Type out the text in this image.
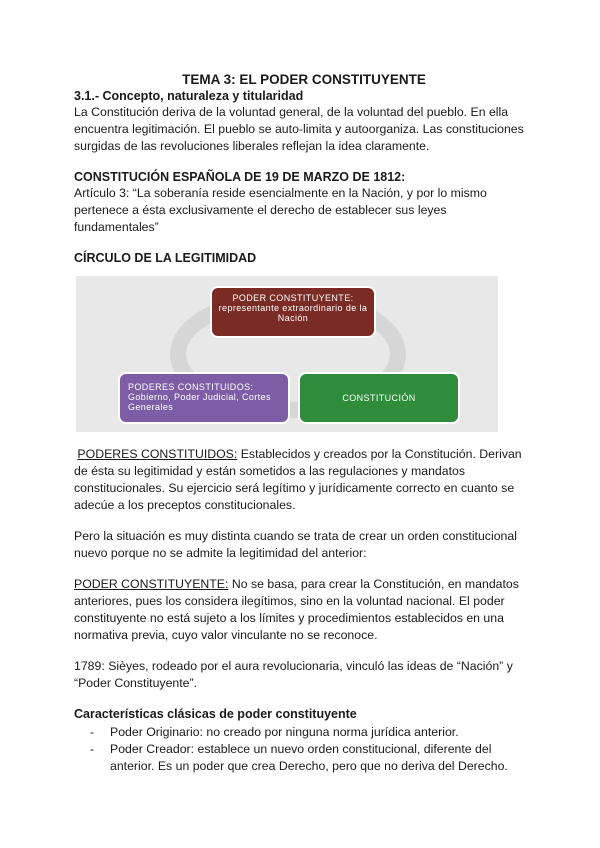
TEMA 3: EL PODER CONSTITUYENTE

3.1.- Concepto, naturaleza y titularidad

La Constitución deriva de la voluntad general, de la voluntad del pueblo. En ella encuentra legitimación. El pueblo se auto-limita y autoorganiza. Las constituciones surgidas de las revoluciones liberales reflejan la idea claramente.

CONSTITUCIÓN ESPAÑOLA DE 19 DE MARZO DE 1812:

Artículo 3: “La soberanía reside esencialmente en la Nación, y por lo mismo pertenece a ésta exclusivamente el derecho de establecer sus leyes fundamentales”

CÍRCULO DE LA LEGITIMIDAD

PODER CONSTITUYENTE: representante extraordinario de la Nación
PODERES CONSTITUIDOS: Gobierno, Poder Judicial, Cortes Generales
CONSTITUCIÓN

PODERES CONSTITUIDOS: Establecidos y creados por la Constitución. Derivan de ésta su legitimidad y están sometidos a las regulaciones y mandatos constitucionales. Su ejercicio será legítimo y jurídicamente correcto en cuanto se adecúe a los preceptos constitucionales.

Pero la situación es muy distinta cuando se trata de crear un orden constitucional nuevo porque no se admite la legitimidad del anterior:

PODER CONSTITUYENTE: No se basa, para crear la Constitución, en mandatos anteriores, pues los considera ilegítimos, sino en la voluntad nacional. El poder constituyente no está sujeto a los límites y procedimientos establecidos en una normativa previa, cuyo valor vinculante no se reconoce.

1789: Sièyes, rodeado por el aura revolucionaria, vinculó las ideas de “Nación” y “Poder Constituyente”.

Características clásicas de poder constituyente

- Poder Originario: no creado por ninguna norma jurídica anterior.
- Poder Creador: establece un nuevo orden constitucional, diferente del anterior. Es un poder que crea Derecho, pero que no deriva del Derecho.
